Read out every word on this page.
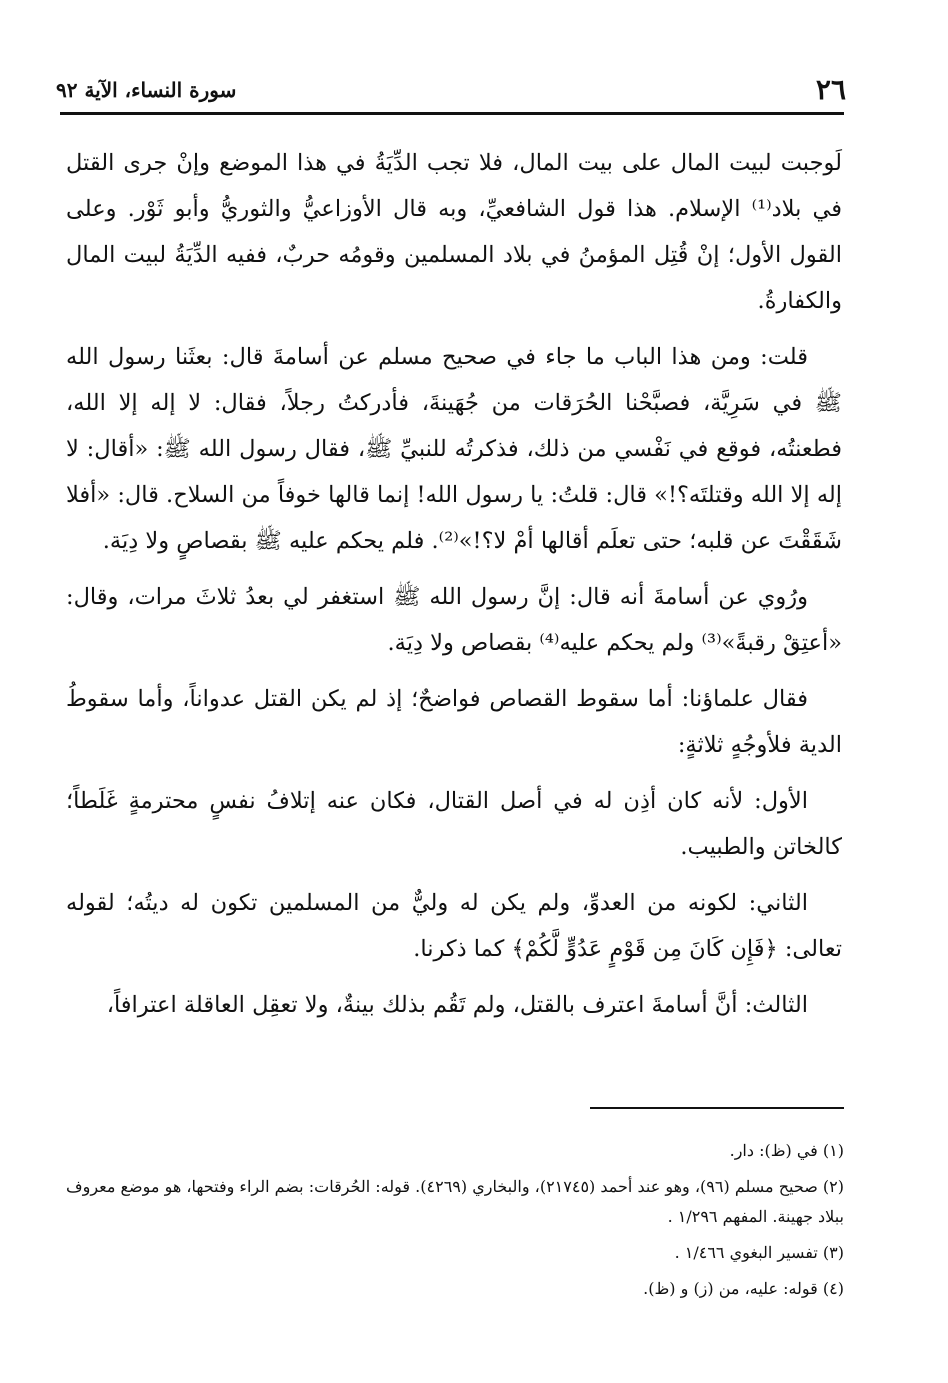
٢٦
سورة النساء، الآية ٩٢

لَوجبت لبيت المال على بيت المال، فلا تجب الدِّيَةُ في هذا الموضع وإنْ جرى القتل في بلاد⁽¹⁾ الإسلام. هذا قول الشافعيِّ، وبه قال الأوزاعيُّ والثوريُّ وأبو ثَوْر. وعلى القول الأول؛ إنْ قُتِل المؤمنُ في بلاد المسلمين وقومُه حربٌ، ففيه الدِّيَةُ لبيت المال والكفارةُ.

قلت: ومن هذا الباب ما جاء في صحيح مسلم عن أسامةَ قال: بعثَنا رسول الله ﷺ في سَرِيَّة، فصبَّحْنا الحُرَقات من جُهَينةَ، فأدركتُ رجلاً، فقال: لا إله إلا الله، فطعنتُه، فوقع في نَفْسي من ذلك، فذكرتُه للنبيِّ ﷺ، فقال رسول الله ﷺ: «أقال: لا إله إلا الله وقتلتَه؟!» قال: قلتُ: يا رسول الله! إنما قالها خوفاً من السلاح. قال: «أفلا شَقَقْتَ عن قلبه؛ حتى تعلَم أقالها أمْ لا؟!»⁽²⁾. فلم يحكم عليه ﷺ بقصاصٍ ولا دِيَة.

ورُوي عن أسامةَ أنه قال: إنَّ رسول الله ﷺ استغفر لي بعدُ ثلاثَ مرات، وقال: «أعتِقْ رقبةً»⁽³⁾ ولم يحكم عليه⁽⁴⁾ بقصاص ولا دِيَة.

فقال علماؤنا: أما سقوط القصاص فواضحٌ؛ إذ لم يكن القتل عدواناً، وأما سقوطُ الدية فلأوجُهٍ ثلاثةٍ:

الأول: لأنه كان أذِن له في أصل القتال، فكان عنه إتلافُ نفسٍ محترمةٍ غَلَطاً؛ كالخاتن والطبيب.

الثاني: لكونه من العدوِّ، ولم يكن له وليٌّ من المسلمين تكون له ديتُه؛ لقوله تعالى: ﴿فَإِن كَانَ مِن قَوْمٍ عَدُوٍّ لَّكُمْ﴾ كما ذكرنا.

الثالث: أنَّ أسامةَ اعترف بالقتل، ولم تَقُم بذلك بينةٌ، ولا تعقِل العاقلة اعترافاً،

(١) في (ظ): دار.

(٢) صحيح مسلم (٩٦)، وهو عند أحمد (٢١٧٤٥)، والبخاري (٤٢٦٩). قوله: الحُرقات: بضم الراء وفتحها، هو موضع معروف ببلاد جهينة. المفهم ١/٢٩٦ .

(٣) تفسير البغوي ١/٤٦٦ .

(٤) قوله: عليه، من (ز) و (ظ).
